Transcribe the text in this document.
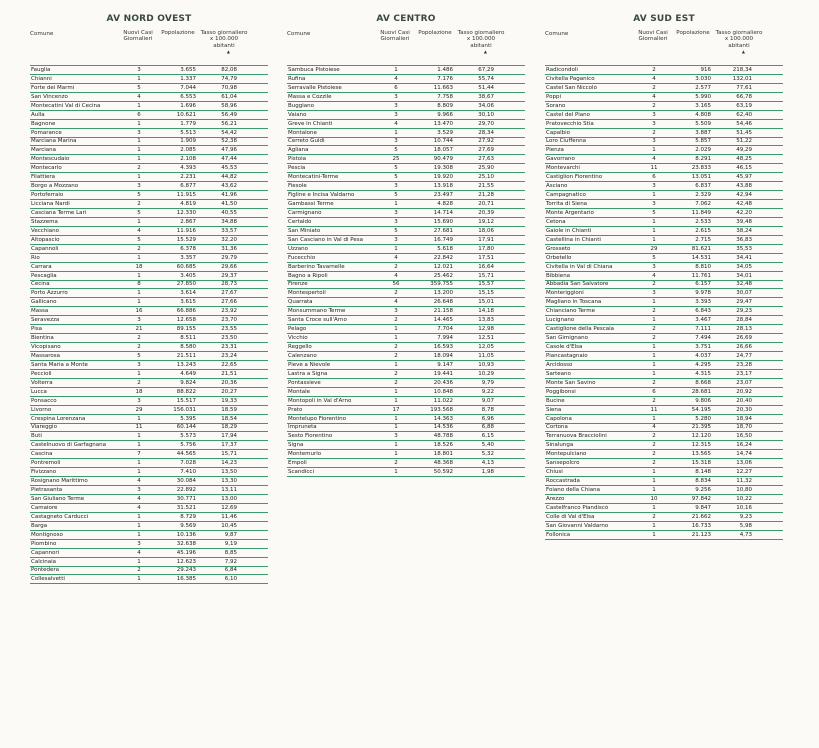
AV NORD OVEST
Comune	Nuovi Casi Giornalieri
Popolazione	Tasso giornaliero x 100.000 abitanti
▲
Fauglia	3	3.655	82,08
Chianni	1	1.337	74,79
Forte dei Marmi	5	7.044	70,98
San Vincenzo	4	6.553	61,04
Montecatini Val di Cecina	1	1.696	58,96
Aulla	6	10.621	56,49
Bagnone	1	1.779	56,21
Pomarance	3	5.513	54,42
Marciana Marina	1	1.909	52,38
Marciana	1	2.085	47,96
Montescudaio	1	2.108	47,44
Montecarlo	2	4.393	45,53
Filattiera	1	2.231	44,82
Borgo a Mozzano	3	6.877	43,62
Portoferraio	5	11.915	41,96
Licciana Nardi	2	4.819	41,50
Casciana Terme Lari	5	12.330	40,55
Stazzema	1	2.867	34,88
Vecchiano	4	11.916	33,57
Altopascio	5	15.529	32,20
Capannoli	2	6.378	31,36
Rio	1	3.357	29,79
Carrara	18	60.685	29,66
Pescaglia	1	3.405	29,37
Cecina	8	27.850	28,73
Porto Azzurro	1	3.614	27,67
Gallicano	1	3.615	27,66
Massa	16	66.886	23,92
Seravezza	3	12.658	23,70
Pisa	21	89.155	23,55
Bientina	2	8.511	23,50
Vicopisano	2	8.580	23,31
Massarosa	5	21.511	23,24
Santa Maria a Monte	3	13.243	22,65
Peccioli	1	4.649	21,51
Volterra	2	9.824	20,36
Lucca	18	88.822	20,27
Ponsacco	3	15.517	19,33
Livorno	29	156.031	18,59
Crespina Lorenzana	1	5.395	18,54
Viareggio	11	60.144	18,29
Buti	1	5.573	17,94
Castelnuovo di Garfagnana	1	5.756	17,37
Cascina	7	44.565	15,71
Pontremoli	1	7.028	14,23
Fivizzano	1	7.410	13,50
Rosignano Marittimo	4	30.084	13,30
Pietrasanta	3	22.892	13,11
San Giuliano Terme	4	30.771	13,00
Camaiore	4	31.521	12,69
Castagneto Carducci	1	8.729	11,46
Barga	1	9.569	10,45
Montignoso	1	10.136	9,87
Piombino	3	32.638	9,19
Capannori	4	45.196	8,85
Calcinaia	1	12.623	7,92
Pontedera	2	29.243	6,84
Collesalvetti	1	16.385	6,10
AV CENTRO
Comune	Nuovi Casi Giornalieri
Popolazione	Tasso giornaliero x 100.000 abitanti
▲
Sambuca Pistoiese	1	1.486	67,29
Rufina	4	7.176	55,74
Serravalle Pistoiese	6	11.663	51,44
Massa e Cozzile	3	7.758	38,67
Buggiano	3	8.809	34,06
Vaiano	3	9.966	30,10
Greve in Chianti	4	13.470	29,70
Montalone	1	3.529	28,34
Cerreto Guidi	3	10.744	27,92
Agliana	5	18.057	27,69
Pistoia	25	90.479	27,63
Pescia	5	19.308	25,90
Montecatini-Terme	5	19.920	25,10
Fiesole	3	13.918	21,55
Figline e Incisa Valdarno	5	23.497	21,28
Gambassi Terme	1	4.828	20,71
Carmignano	3	14.714	20,39
Certaldo	3	15.690	19,12
San Miniato	5	27.681	18,06
San Casciano in Val di Pesa	3	16.749	17,91
Uzzano	1	5.618	17,80
Fucecchio	4	22.842	17,51
Barberino Tavarnelle	2	12.021	16,64
Bagno a Ripoli	4	25.462	15,71
Firenze	56	359.755	15,57
Montespertoli	2	13.200	15,15
Quarrata	4	26.648	15,01
Monsummano Terme	3	21.158	14,18
Santa Croce sull'Arno	2	14.465	13,83
Pelago	1	7.704	12,98
Vicchio	1	7.994	12,51
Reggello	2	16.593	12,05
Calenzano	2	18.094	11,05
Pieve a Nievole	1	9.147	10,93
Lastra a Signa	2	19.441	10,29
Pontassieve	2	20.436	9,79
Montale	1	10.848	9,22
Montopoli in Val d'Arno	1	11.022	9,07
Prato	17	193.568	8,78
Montelupo Fiorentino	1	14.363	6,96
Impruneta	1	14.536	6,88
Sesto Fiorentino	3	48.788	6,15
Signa	1	18.526	5,40
Montemurlo	1	18.801	5,32
Empoli	2	48.368	4,13
Scandicci	1	50.592	1,98
AV SUD EST
Comune	Nuovi Casi Giornalieri
Popolazione	Tasso giornaliero x 100.000 abitanti
▲
Radicondoli	2	916	218,34
Civitella Paganico	4	3.030	132,01
Castel San Niccolò	2	2.577	77,61
Poppi	4	5.990	66,78
Sorano	2	3.165	63,19
Castel del Piano	3	4.808	62,40
Pratovecchio Stia	3	5.509	54,46
Capalbio	2	3.887	51,45
Loro Ciuffenna	3	5.857	51,22
Pienza	1	2.029	49,29
Gavorrano	4	8.291	48,25
Montevarchi	11	23.833	46,15
Castiglion Fiorentino	6	13.051	45,97
Asciano	3	6.837	43,88
Campagnatico	1	2.329	42,94
Torrita di Siena	3	7.062	42,48
Monte Argentario	5	11.849	42,20
Cetona	1	2.533	39,48
Gaiole in Chianti	1	2.615	38,24
Castellina in Chianti	1	2.715	36,83
Grosseto	29	81.621	35,53
Orbetello	5	14.531	34,41
Civitella in Val di Chiana	3	8.810	34,05
Bibbiena	4	11.761	34,01
Abbadia San Salvatore	2	6.157	32,48
Monteriggioni	3	9.978	30,07
Magliano in Toscana	1	3.393	29,47
Chianciano Terme	2	6.843	29,23
Lucignano	1	3.467	28,84
Castiglione della Pescaia	2	7.111	28,13
San Gimignano	2	7.494	26,69
Casole d'Elsa	1	3.751	26,66
Piancastagnaio	1	4.037	24,77
Arcidosso	1	4.295	23,28
Sarteano	1	4.315	23,17
Monte San Savino	2	8.668	23,07
Poggibonsi	6	28.681	20,92
Bucine	2	9.806	20,40
Siena	11	54.195	20,30
Capolona	1	5.280	18,94
Cortona	4	21.395	18,70
Terranuova Bracciolini	2	12.120	16,50
Sinalunga	2	12.315	16,24
Montepulciano	2	13.565	14,74
Sansepolcro	2	15.318	13,06
Chiusi	1	8.148	12,27
Roccastrada	1	8.834	11,32
Foiano della Chiana	1	9.256	10,80
Arezzo	10	97.842	10,22
Castelfranco Piandiscò	1	9.847	10,16
Colle di Val d'Elsa	2	21.662	9,23
San Giovanni Valdarno	1	16.733	5,98
Follonica	1	21.123	4,73
